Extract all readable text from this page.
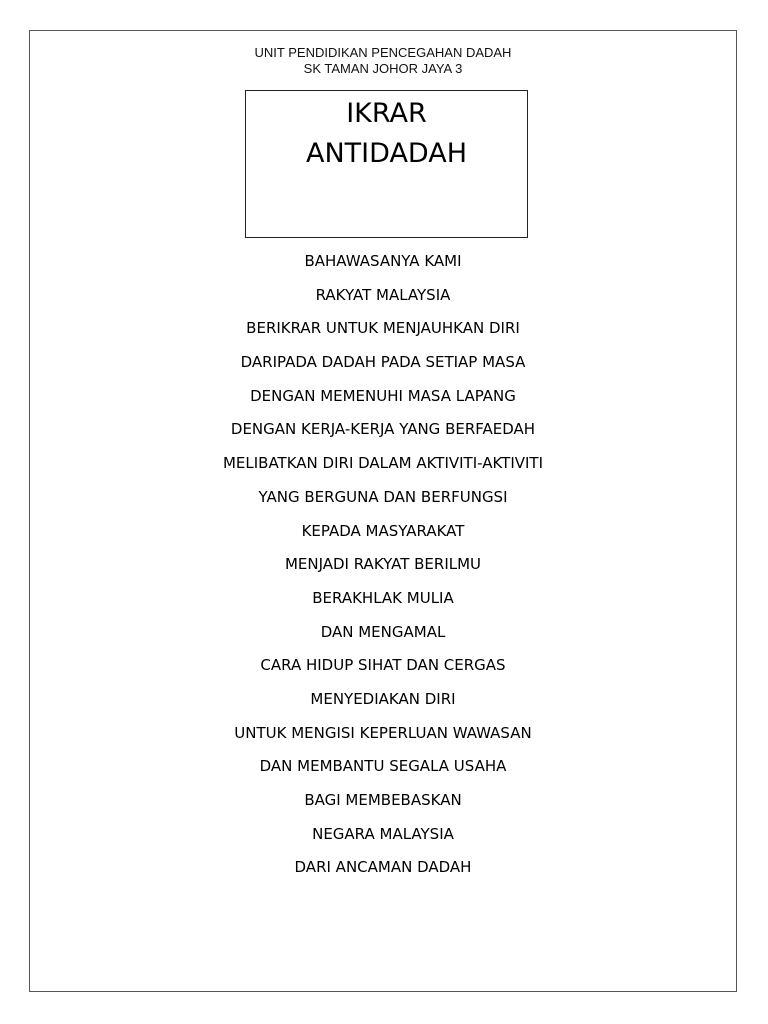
UNIT PENDIDIKAN PENCEGAHAN DADAH
SK TAMAN JOHOR JAYA 3
IKRAR
ANTIDADAH
BAHAWASANYA KAMI
RAKYAT MALAYSIA
BERIKRAR UNTUK MENJAUHKAN DIRI
DARIPADA DADAH PADA SETIAP MASA
DENGAN MEMENUHI MASA LAPANG
DENGAN KERJA-KERJA YANG BERFAEDAH
MELIBATKAN DIRI DALAM AKTIVITI-AKTIVITI
YANG BERGUNA DAN BERFUNGSI
KEPADA MASYARAKAT
MENJADI RAKYAT BERILMU
BERAKHLAK MULIA
DAN MENGAMAL
CARA HIDUP SIHAT DAN CERGAS
MENYEDIAKAN DIRI
UNTUK MENGISI KEPERLUAN WAWASAN
DAN MEMBANTU SEGALA USAHA
BAGI MEMBEBASKAN
NEGARA MALAYSIA
DARI ANCAMAN DADAH
